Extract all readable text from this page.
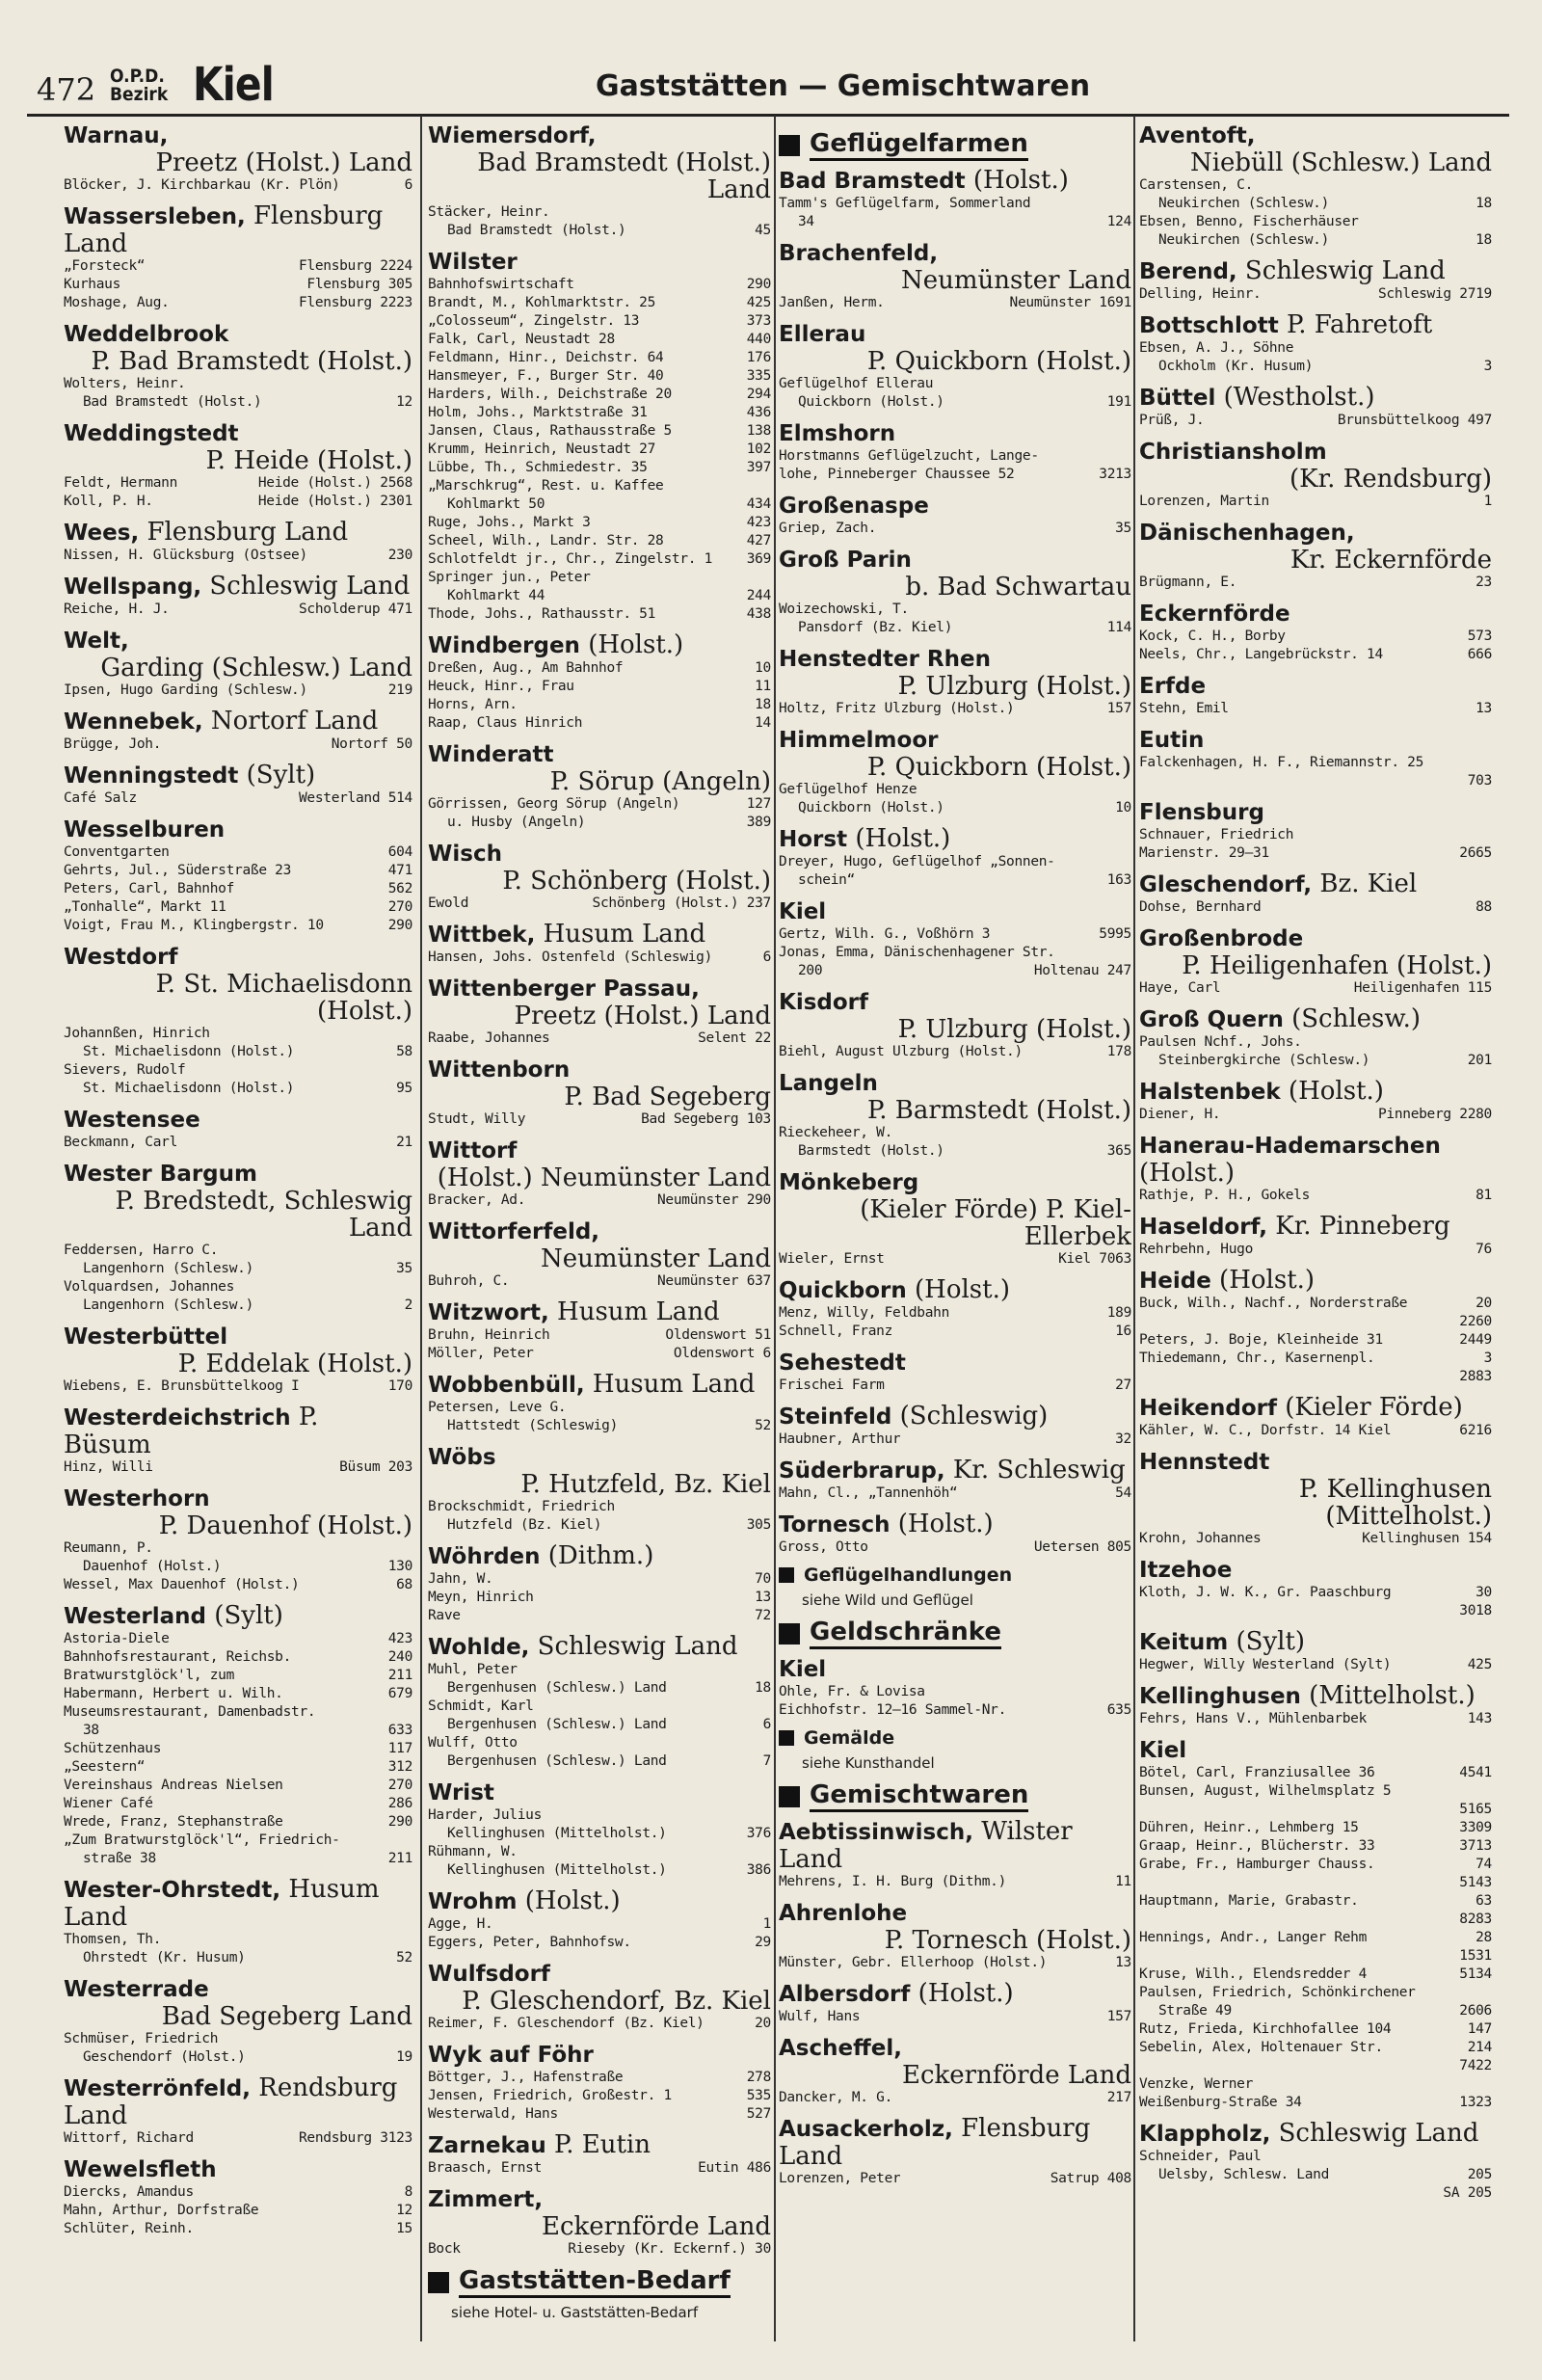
472 O.P.D.
Bezirk Kiel	Gaststätten — Gemischtwaren
Warnau,
Preetz (Holst.) Land
Blöcker, J. Kirchbarkau (Kr. Plön)	6
Wassersleben, Flensburg Land
„Forsteck“	Flensburg 2224
Kurhaus	Flensburg 305
Moshage, Aug.	Flensburg 2223
Weddelbrook
P. Bad Bramstedt (Holst.)
Wolters, Heinr.
Bad Bramstedt (Holst.)	12
Weddingstedt
P. Heide (Holst.)
Feldt, Hermann	Heide (Holst.) 2568
Koll, P. H.	Heide (Holst.) 2301
Wees, Flensburg Land
Nissen, H. Glücksburg (Ostsee)	230
Wellspang, Schleswig Land
Reiche, H. J.	Scholderup 471
Welt,
Garding (Schlesw.) Land
Ipsen, Hugo Garding (Schlesw.)	219
Wennebek, Nortorf Land
Brügge, Joh.	Nortorf 50
Wenningstedt (Sylt)
Café Salz	Westerland 514
Wesselburen
Conventgarten	604
Gehrts, Jul., Süderstraße 23	471
Peters, Carl, Bahnhof	562
„Tonhalle“, Markt 11	270
Voigt, Frau M., Klingbergstr. 10	290
Westdorf
P. St. Michaelisdonn (Holst.)
Johannßen, Hinrich
St. Michaelisdonn (Holst.)	58
Sievers, Rudolf
St. Michaelisdonn (Holst.)	95
Westensee
Beckmann, Carl	21
Wester Bargum
P. Bredstedt, Schleswig Land
Feddersen, Harro C.
Langenhorn (Schlesw.)	35
Volquardsen, Johannes
Langenhorn (Schlesw.)	2
Westerbüttel
P. Eddelak (Holst.)
Wiebens, E. Brunsbüttelkoog I	170
Westerdeichstrich P. Büsum
Hinz, Willi	Büsum 203
Westerhorn
P. Dauenhof (Holst.)
Reumann, P.
Dauenhof (Holst.)	130
Wessel, Max Dauenhof (Holst.)	68
Westerland (Sylt)
Astoria-Diele	423
Bahnhofsrestaurant, Reichsb.	240
Bratwurstglöck'l, zum	211
Habermann, Herbert u. Wilh.	679
Museumsrestaurant, Damenbadstr.
38	633
Schützenhaus	117
„Seestern“	312
Vereinshaus Andreas Nielsen	270
Wiener Café	286
Wrede, Franz, Stephanstraße	290
„Zum Bratwurstglöck'l“, Friedrich-
straße 38	211
Wester-Ohrstedt, Husum Land
Thomsen, Th.
Ohrstedt (Kr. Husum)	52
Westerrade
Bad Segeberg Land
Schmüser, Friedrich
Geschendorf (Holst.)	19
Westerrönfeld, Rendsburg Land
Wittorf, Richard	Rendsburg 3123
Wewelsfleth
Diercks, Amandus	8
Mahn, Arthur, Dorfstraße	12
Schlüter, Reinh.	15
Wiemersdorf,
Bad Bramstedt (Holst.) Land
Stäcker, Heinr.
Bad Bramstedt (Holst.)	45
Wilster
Bahnhofswirtschaft	290
Brandt, M., Kohlmarktstr. 25	425
„Colosseum“, Zingelstr. 13	373
Falk, Carl, Neustadt 28	440
Feldmann, Hinr., Deichstr. 64	176
Hansmeyer, F., Burger Str. 40	335
Harders, Wilh., Deichstraße 20	294
Holm, Johs., Marktstraße 31	436
Jansen, Claus, Rathausstraße 5	138
Krumm, Heinrich, Neustadt 27	102
Lübbe, Th., Schmiedestr. 35	397
„Marschkrug“, Rest. u. Kaffee
Kohlmarkt 50	434
Ruge, Johs., Markt 3	423
Scheel, Wilh., Landr. Str. 28	427
Schlotfeldt jr., Chr., Zingelstr. 1	369
Springer jun., Peter
Kohlmarkt 44	244
Thode, Johs., Rathausstr. 51	438
Windbergen (Holst.)
Dreßen, Aug., Am Bahnhof	10
Heuck, Hinr., Frau	11
Horns, Arn.	18
Raap, Claus Hinrich	14
Winderatt
P. Sörup (Angeln)
Görrissen, Georg Sörup (Angeln)	127
u. Husby (Angeln)	389
Wisch
P. Schönberg (Holst.)
Ewold	Schönberg (Holst.) 237
Wittbek, Husum Land
Hansen, Johs. Ostenfeld (Schleswig)	6
Wittenberger Passau,
Preetz (Holst.) Land
Raabe, Johannes	Selent 22
Wittenborn
P. Bad Segeberg
Studt, Willy	Bad Segeberg 103
Wittorf
(Holst.) Neumünster Land
Bracker, Ad.	Neumünster 290
Wittorferfeld,
Neumünster Land
Buhroh, C.	Neumünster 637
Witzwort, Husum Land
Bruhn, Heinrich	Oldenswort 51
Möller, Peter	Oldenswort 6
Wobbenbüll, Husum Land
Petersen, Leve G.
Hattstedt (Schleswig)	52
Wöbs
P. Hutzfeld, Bz. Kiel
Brockschmidt, Friedrich
Hutzfeld (Bz. Kiel)	305
Wöhrden (Dithm.)
Jahn, W.	70
Meyn, Hinrich	13
Rave	72
Wohlde, Schleswig Land
Muhl, Peter
Bergenhusen (Schlesw.) Land	18
Schmidt, Karl
Bergenhusen (Schlesw.) Land	6
Wulff, Otto
Bergenhusen (Schlesw.) Land	7
Wrist
Harder, Julius
Kellinghusen (Mittelholst.)	376
Rühmann, W.
Kellinghusen (Mittelholst.)	386
Wrohm (Holst.)
Agge, H.	1
Eggers, Peter, Bahnhofsw.	29
Wulfsdorf
P. Gleschendorf, Bz. Kiel
Reimer, F. Gleschendorf (Bz. Kiel)	20
Wyk auf Föhr
Böttger, J., Hafenstraße	278
Jensen, Friedrich, Großestr. 1	535
Westerwald, Hans	527
Zarnekau P. Eutin
Braasch, Ernst	Eutin 486
Zimmert,
Eckernförde Land
Bock	Rieseby (Kr. Eckernf.) 30
Gaststätten-Bedarf
siehe Hotel- u. Gaststätten-Bedarf
Geflügelfarmen
Bad Bramstedt (Holst.)
Tamm's Geflügelfarm, Sommerland
34	124
Brachenfeld,
Neumünster Land
Janßen, Herm.	Neumünster 1691
Ellerau
P. Quickborn (Holst.)
Geflügelhof Ellerau
Quickborn (Holst.)	191
Elmshorn
Horstmanns Geflügelzucht, Lange-
lohe, Pinneberger Chaussee 52	3213
Großenaspe
Griep, Zach.	35
Groß Parin
b. Bad Schwartau
Woizechowski, T.
Pansdorf (Bz. Kiel)	114
Henstedter Rhen
P. Ulzburg (Holst.)
Holtz, Fritz Ulzburg (Holst.)	157
Himmelmoor
P. Quickborn (Holst.)
Geflügelhof Henze
Quickborn (Holst.)	10
Horst (Holst.)
Dreyer, Hugo, Geflügelhof „Sonnen-
schein“	163
Kiel
Gertz, Wilh. G., Voßhörn 3	5995
Jonas, Emma, Dänischenhagener Str.
200	Holtenau 247
Kisdorf
P. Ulzburg (Holst.)
Biehl, August Ulzburg (Holst.)	178
Langeln
P. Barmstedt (Holst.)
Rieckeheer, W.
Barmstedt (Holst.)	365
Mönkeberg
(Kieler Förde) P. Kiel-Ellerbek
Wieler, Ernst	Kiel 7063
Quickborn (Holst.)
Menz, Willy, Feldbahn	189
Schnell, Franz	16
Sehestedt
Frischei Farm	27
Steinfeld (Schleswig)
Haubner, Arthur	32
Süderbrarup, Kr. Schleswig
Mahn, Cl., „Tannenhöh“	54
Tornesch (Holst.)
Gross, Otto	Uetersen 805
Geflügelhandlungen
siehe Wild und Geflügel
Geldschränke
Kiel
Ohle, Fr. & Lovisa
Eichhofstr. 12—16 Sammel-Nr.	635
Gemälde
siehe Kunsthandel
Gemischtwaren
Aebtissinwisch, Wilster Land
Mehrens, I. H. Burg (Dithm.)	11
Ahrenlohe
P. Tornesch (Holst.)
Münster, Gebr. Ellerhoop (Holst.)	13
Albersdorf (Holst.)
Wulf, Hans	157
Ascheffel,
Eckernförde Land
Dancker, M. G.	217
Ausackerholz, Flensburg Land
Lorenzen, Peter	Satrup 408
Aventoft,
Niebüll (Schlesw.) Land
Carstensen, C.
Neukirchen (Schlesw.)	18
Ebsen, Benno, Fischerhäuser
Neukirchen (Schlesw.)	18
Berend, Schleswig Land
Delling, Heinr.	Schleswig 2719
Bottschlott P. Fahretoft
Ebsen, A. J., Söhne
Ockholm (Kr. Husum)	3
Büttel (Westholst.)
Prüß, J.	Brunsbüttelkoog 497
Christiansholm
(Kr. Rendsburg)
Lorenzen, Martin	1
Dänischenhagen,
Kr. Eckernförde
Brügmann, E.	23
Eckernförde
Kock, C. H., Borby	573
Neels, Chr., Langebrückstr. 14	666
Erfde
Stehn, Emil	13
Eutin
Falckenhagen, H. F., Riemannstr. 25
703
Flensburg
Schnauer, Friedrich
Marienstr. 29—31	2665
Gleschendorf, Bz. Kiel
Dohse, Bernhard	88
Großenbrode
P. Heiligenhafen (Holst.)
Haye, Carl	Heiligenhafen 115
Groß Quern (Schlesw.)
Paulsen Nchf., Johs.
Steinbergkirche (Schlesw.)	201
Halstenbek (Holst.)
Diener, H.	Pinneberg 2280
Hanerau-Hademarschen (Holst.)
Rathje, P. H., Gokels	81
Haseldorf, Kr. Pinneberg
Rehrbehn, Hugo	76
Heide (Holst.)
Buck, Wilh., Nachf., Norderstraße	20
2260
Peters, J. Boje, Kleinheide 31	2449
Thiedemann, Chr., Kasernenpl.	3
2883
Heikendorf (Kieler Förde)
Kähler, W. C., Dorfstr. 14 Kiel	6216
Hennstedt
P. Kellinghusen (Mittelholst.)
Krohn, Johannes	Kellinghusen 154
Itzehoe
Kloth, J. W. K., Gr. Paaschburg	30
3018
Keitum (Sylt)
Hegwer, Willy Westerland (Sylt)	425
Kellinghusen (Mittelholst.)
Fehrs, Hans V., Mühlenbarbek	143
Kiel
Bötel, Carl, Franziusallee 36	4541
Bunsen, August, Wilhelmsplatz 5
5165
Dühren, Heinr., Lehmberg 15	3309
Graap, Heinr., Blücherstr. 33	3713
Grabe, Fr., Hamburger Chauss.	74
5143
Hauptmann, Marie, Grabastr.	63
8283
Hennings, Andr., Langer Rehm	28
1531
Kruse, Wilh., Elendsredder 4	5134
Paulsen, Friedrich, Schönkirchener
Straße 49	2606
Rutz, Frieda, Kirchhofallee 104	147
Sebelin, Alex, Holtenauer Str.	214
7422
Venzke, Werner
Weißenburg-Straße 34	1323
Klappholz, Schleswig Land
Schneider, Paul
Uelsby, Schlesw. Land	205
SA 205
